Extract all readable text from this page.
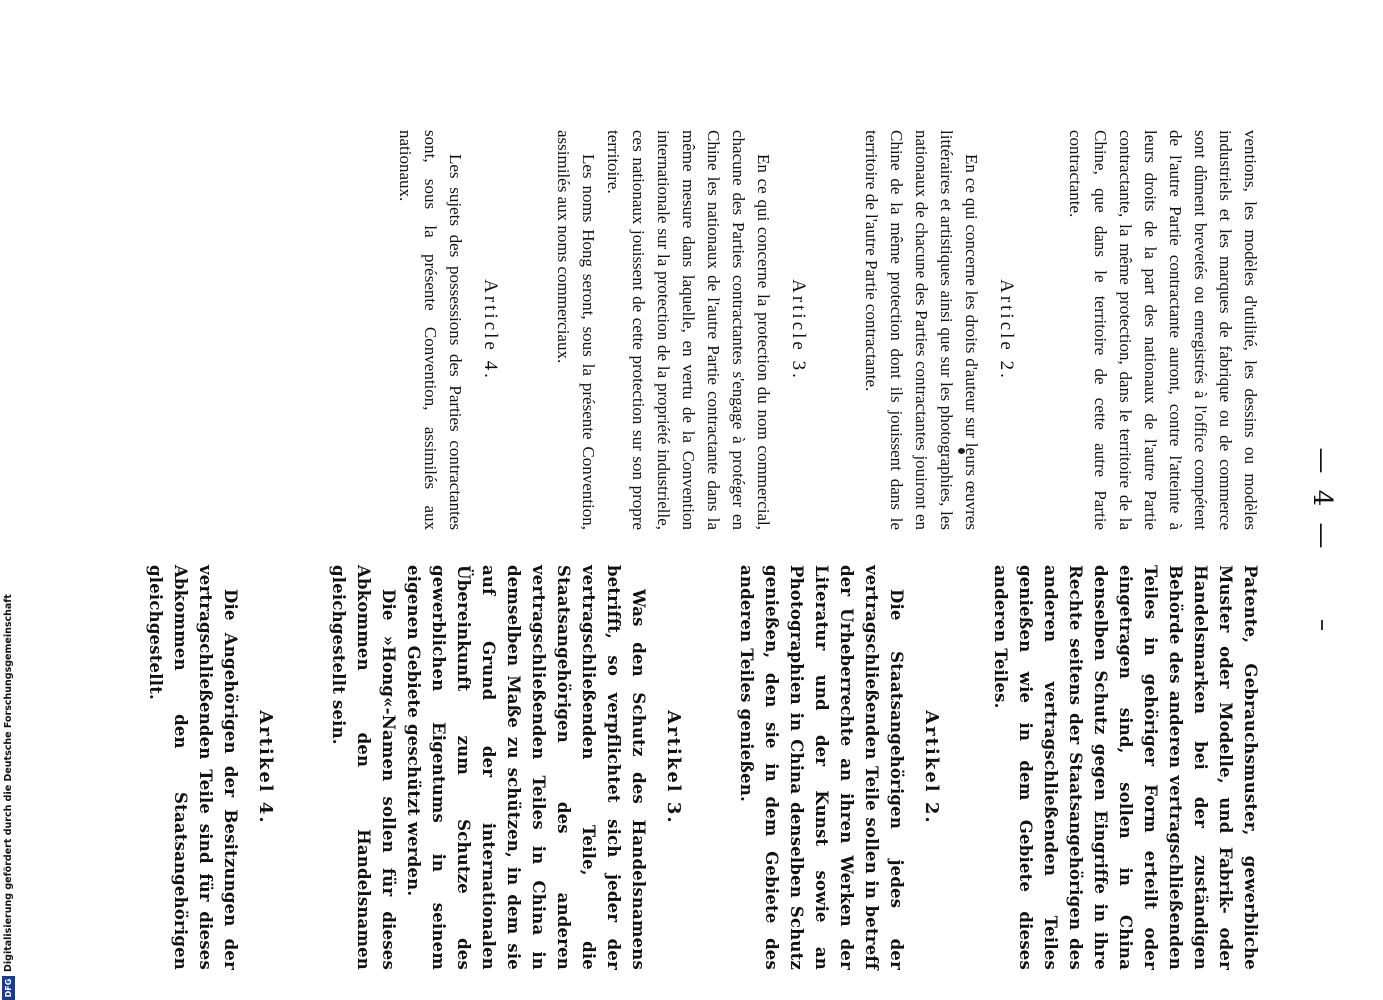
— 4 —

ventions, les modèles d'utilité, les dessins ou modèles industriels et les marques de fabrique ou de commerce sont dûment brevetés ou enregistrés à l'office compétent de l'autre Partie contractante auront, contre l'atteinte à leurs droits de la part des nationaux de l'autre Partie contractante, la même protection, dans le territoire de la Chine, que dans le territoire de cette autre Partie contractante.

Article 2.

En ce qui concerne les droits d'auteur sur leurs œuvres littéraires et artistiques ainsi que sur les photographies, les nationaux de chacune des Parties contractantes jouiront en Chine de la même protection dont ils jouissent dans le territoire de l'autre Partie contractante.

Article 3.

En ce qui concerne la protection du nom commercial, chacune des Parties contractantes s'engage à protéger en Chine les nationaux de l'autre Partie contractante dans la même mesure dans laquelle, en vertu de la Convention internationale sur la protection de la propriété industrielle, ces nationaux jouissent de cette protection sur son propre territoire.

Les noms Hong seront, sous la présente Convention, assimilés aux noms commerciaux.

Article 4.

Les sujets des possessions des Parties contractantes sont, sous la présente Convention, assimilés aux nationaux.

Patente, Gebrauchsmuster, gewerbliche Muster oder Modelle, und Fabrik- oder Handelsmarken bei der zuständigen Behörde des anderen vertragschließenden Teiles in gehöriger Form erteilt oder eingetragen sind, sollen in China denselben Schutz gegen Eingriffe in ihre Rechte seitens der Staatsangehörigen des anderen vertragschließenden Teiles genießen wie in dem Gebiete dieses anderen Teiles.

Artikel 2.

Die Staatsangehörigen jedes der vertragschließenden Teile sollen in betreff der Urheberrechte an ihren Werken der Literatur und der Kunst sowie an Photographien in China denselben Schutz genießen, den sie in dem Gebiete des anderen Teiles genießen.

Artikel 3.

Was den Schutz des Handelsnamens betrifft, so verpflichtet sich jeder der vertragschließenden Teile, die Staatsangehörigen des anderen vertragschließenden Teiles in China in demselben Maße zu schützen, in dem sie auf Grund der internationalen Übereinkunft zum Schutze des gewerblichen Eigentums in seinem eigenen Gebiete geschützt werden.

Die »Hong«-Namen sollen für dieses Abkommen den Handelsnamen gleichgestellt sein.

Artikel 4.

Die Angehörigen der Besitzungen der vertragschließenden Teile sind für dieses Abkommen den Staatsangehörigen gleichgestellt.

DFGDigitalisierung gefördert durch die Deutsche Forschungsgemeinschaft
